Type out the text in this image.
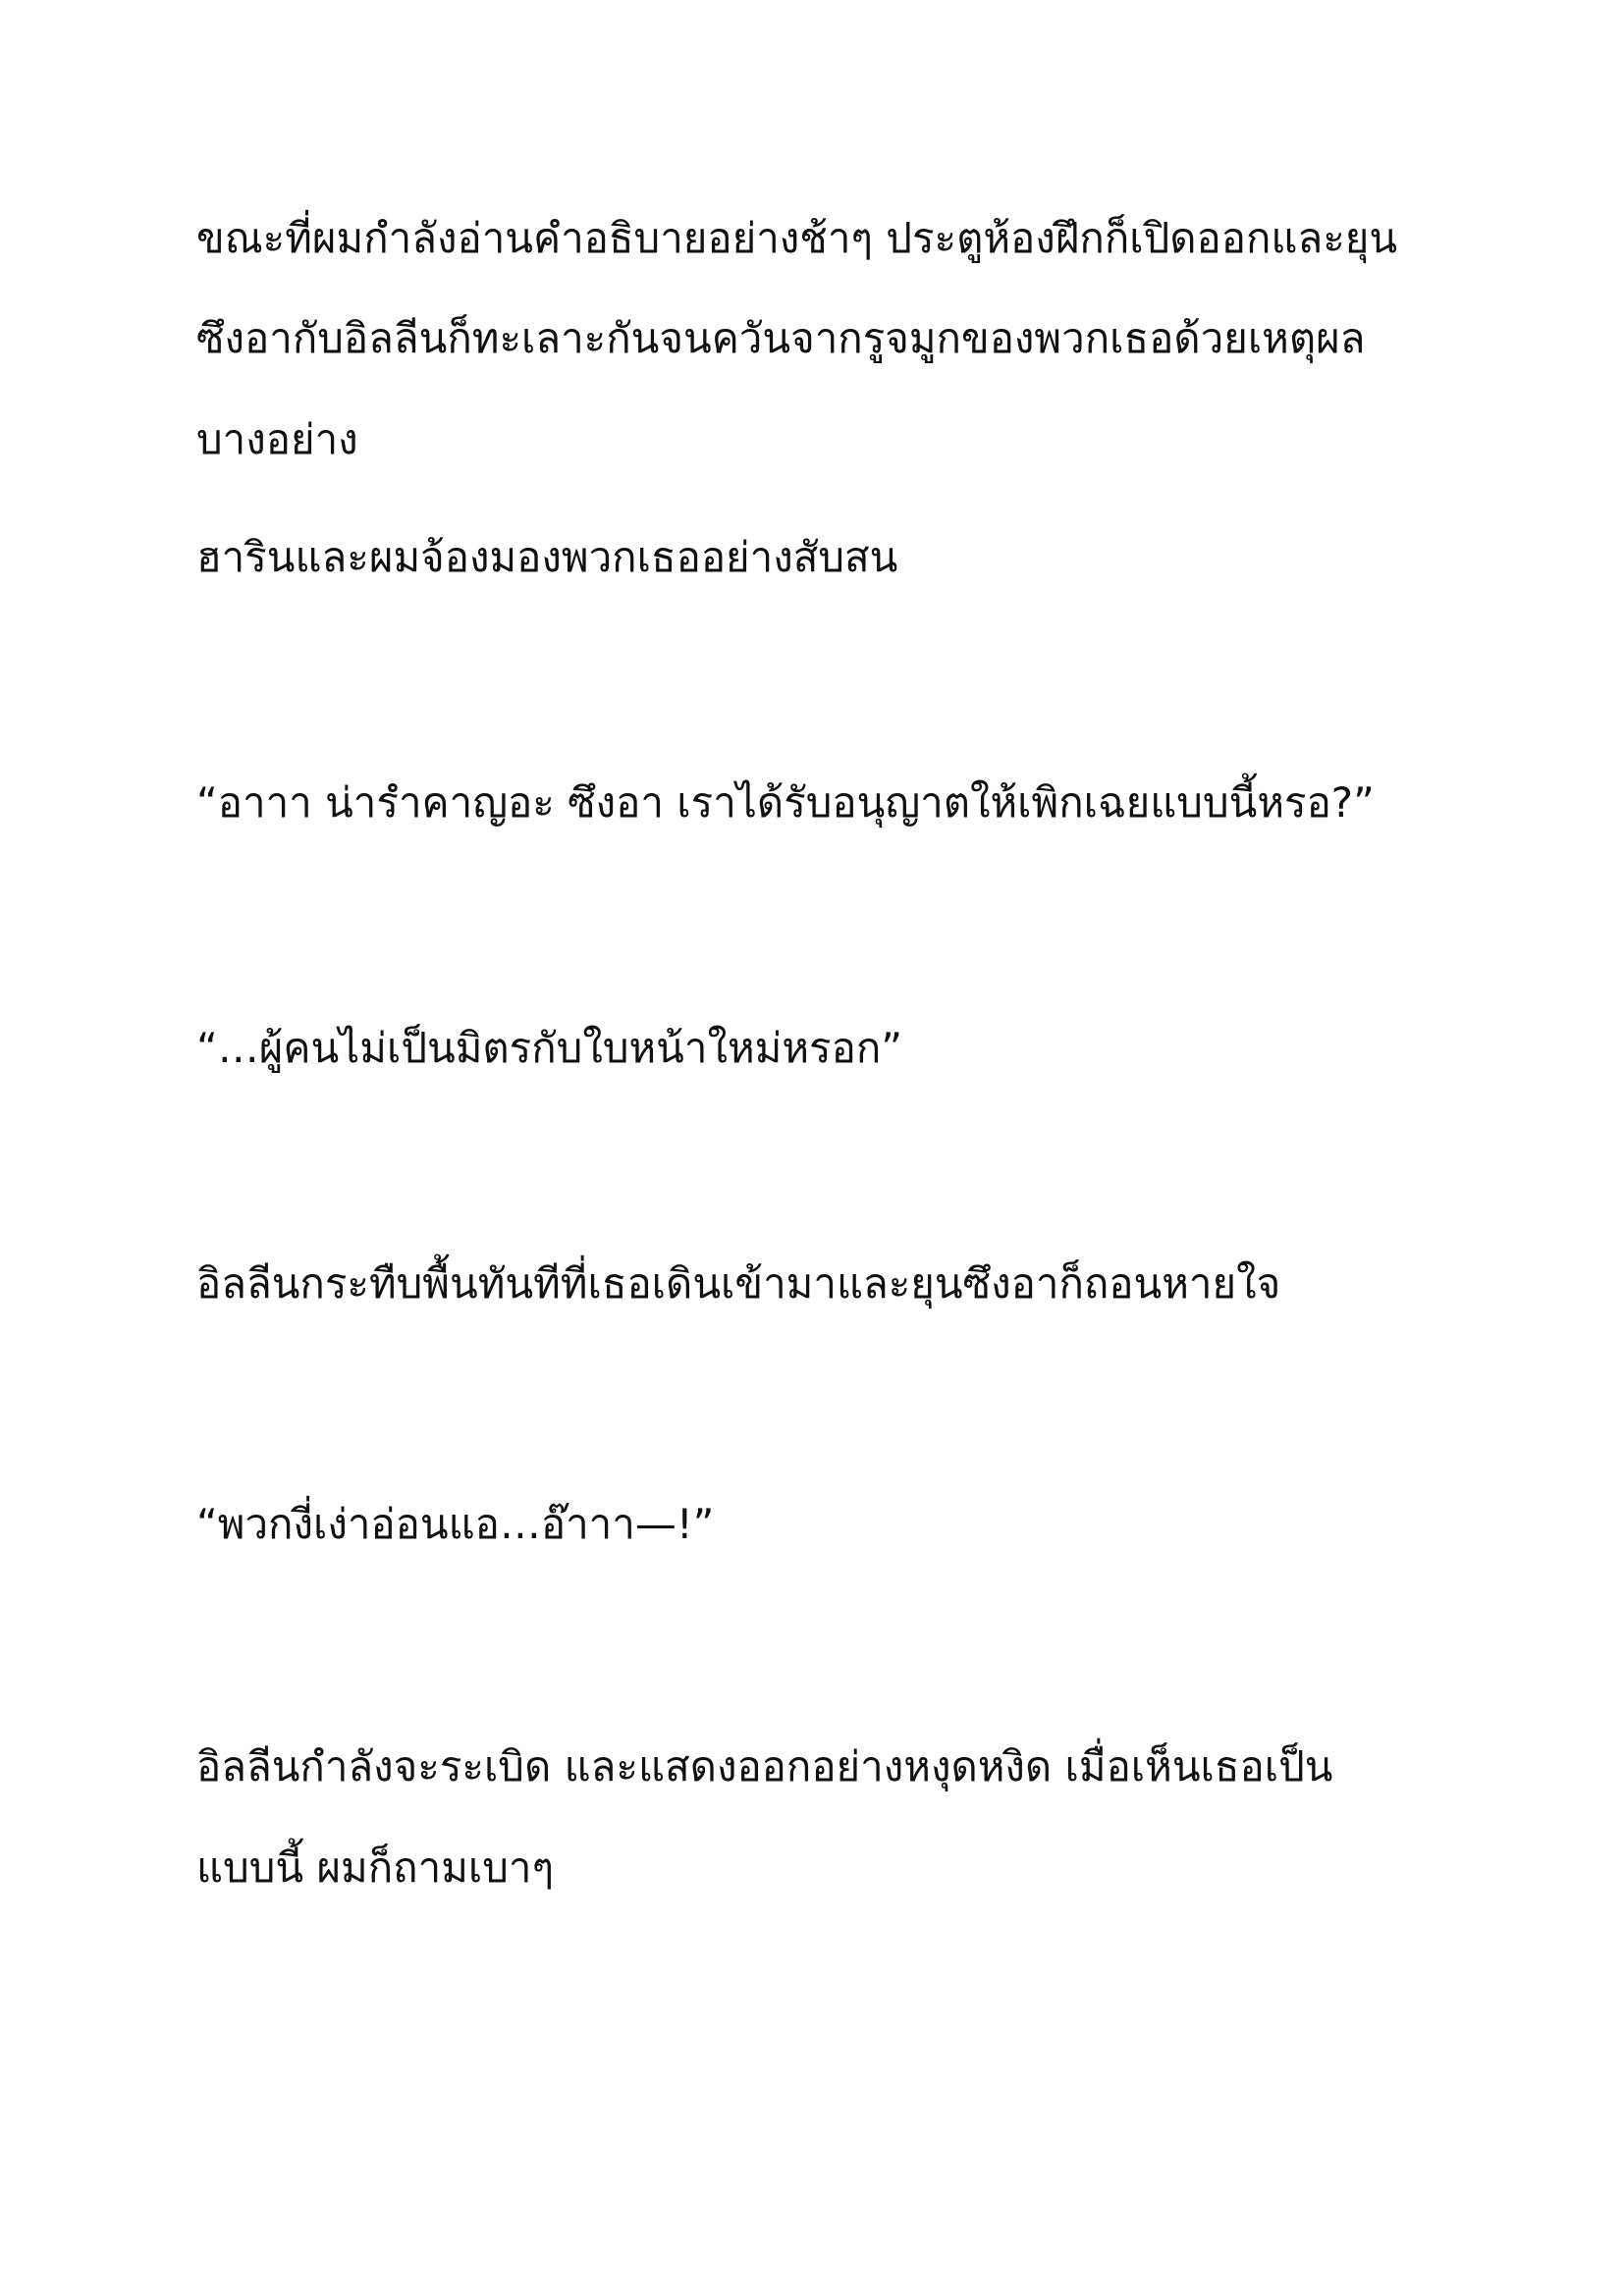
ขณะที่ผมกำลังอ่านคำอธิบายอย่างช้าๆ ประตูห้องฝึกก็เปิดออกและยุน
ซึงอากับอิลลีนก็ทะเลาะกันจนควันจากรูจมูกของพวกเธอด้วยเหตุผล
บางอย่าง
ฮารินและผมจ้องมองพวกเธออย่างสับสน
“อาาา น่ารำคาญอะ ซึงอา เราได้รับอนุญาตให้เพิกเฉยแบบนี้หรอ?”
“…ผู้คนไม่เป็นมิตรกับใบหน้าใหม่หรอก”
อิลลีนกระทืบพื้นทันทีที่เธอเดินเข้ามาและยุนซึงอาก็ถอนหายใจ
“พวกงี่เง่าอ่อนแอ…อ๊าาา—!”
อิลลีนกำลังจะระเบิด และแสดงออกอย่างหงุดหงิด เมื่อเห็นเธอเป็น
แบบนี้ ผมก็ถามเบาๆ
